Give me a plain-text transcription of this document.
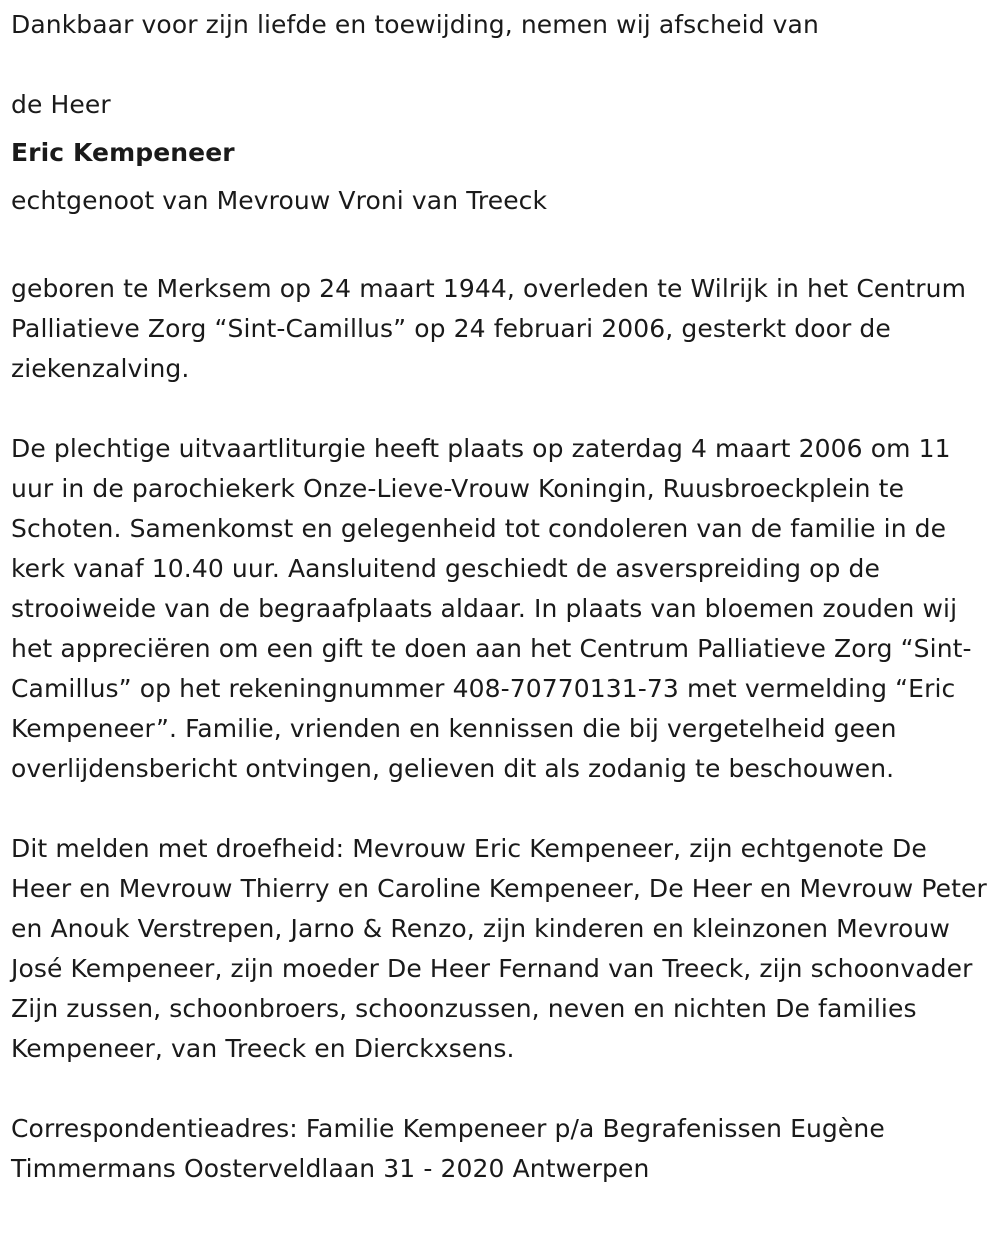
Dankbaar voor zijn liefde en toewijding, nemen wij afscheid van

de Heer

Eric Kempeneer

echtgenoot van Mevrouw Vroni van Treeck

geboren te Merksem op 24 maart 1944, overleden te Wilrijk in het Centrum Palliatieve Zorg “Sint-Camillus” op 24 februari 2006, gesterkt door de ziekenzalving.

De plechtige uitvaartliturgie heeft plaats op zaterdag 4 maart 2006 om 11 uur in de parochiekerk Onze-Lieve-Vrouw Koningin, Ruusbroeckplein te Schoten. Samenkomst en gelegenheid tot condoleren van de familie in de kerk vanaf 10.40 uur. Aansluitend geschiedt de asverspreiding op de strooiweide van de begraafplaats aldaar. In plaats van bloemen zouden wij het appreciëren om een gift te doen aan het Centrum Palliatieve Zorg “Sint-Camillus” op het rekeningnummer 408-70770131-73 met vermelding “Eric Kempeneer”. Familie, vrienden en kennissen die bij vergetelheid geen overlijdensbericht ontvingen, gelieven dit als zodanig te beschouwen.

Dit melden met droefheid: Mevrouw Eric Kempeneer, zijn echtgenote De Heer en Mevrouw Thierry en Caroline Kempeneer, De Heer en Mevrouw Peter en Anouk Verstrepen, Jarno & Renzo, zijn kinderen en kleinzonen Mevrouw José Kempeneer, zijn moeder De Heer Fernand van Treeck, zijn schoonvader Zijn zussen, schoonbroers, schoonzussen, neven en nichten De families Kempeneer, van Treeck en Dierckxsens.

Correspondentieadres: Familie Kempeneer p/a Begrafenissen Eugène Timmermans Oosterveldlaan 31 - 2020 Antwerpen
